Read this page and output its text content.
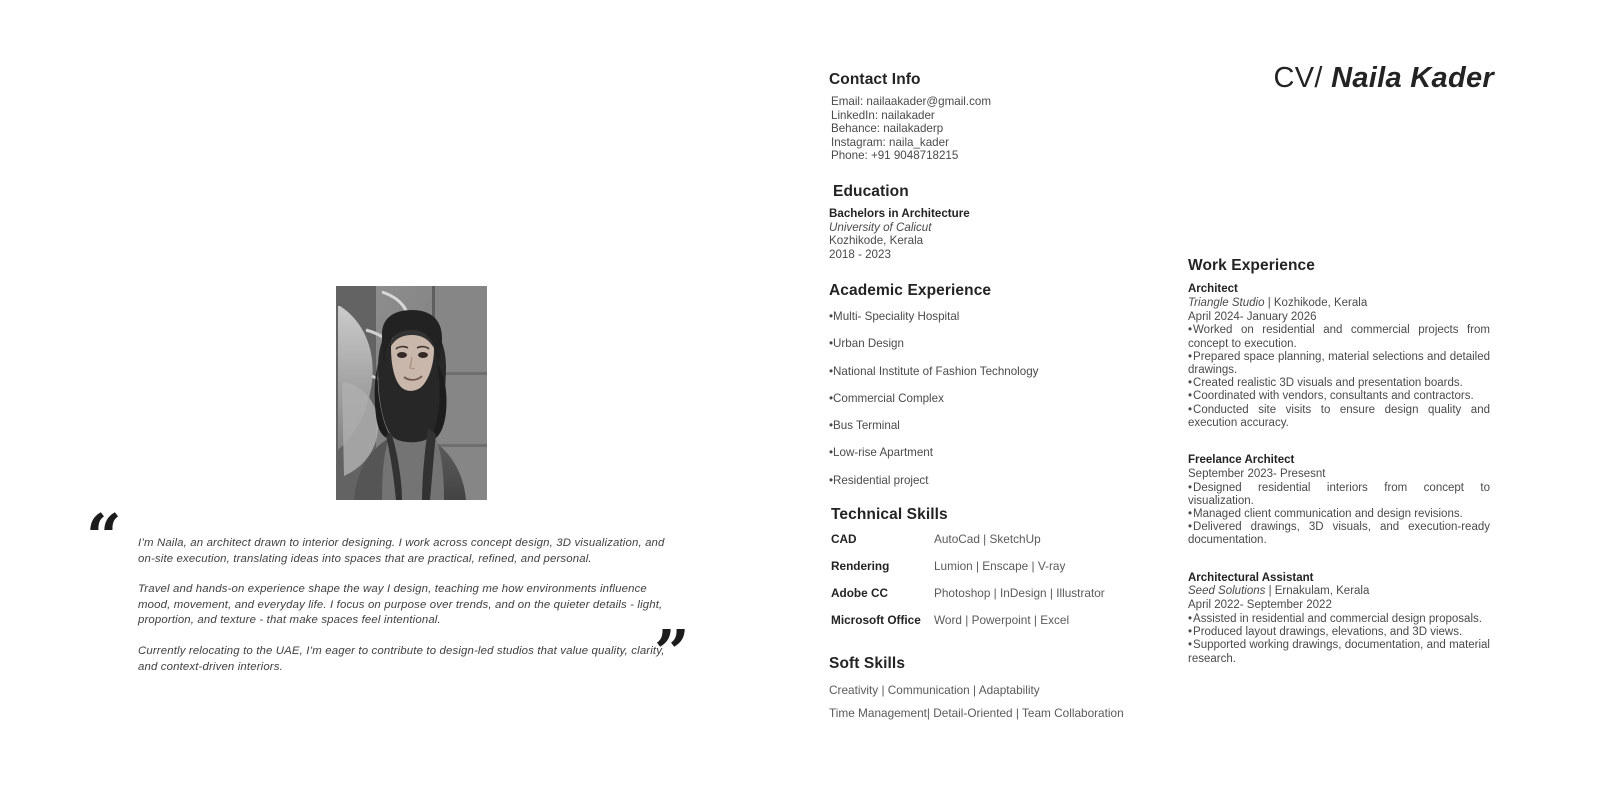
“ I’m Naila, an architect drawn to interior designing. I work across concept design, 3D visualization, and on-site execution, translating ideas into spaces that are practical, refined, and personal.

Travel and hands-on experience shape the way I design, teaching me how environments influence mood, movement, and everyday life. I focus on purpose over trends, and on the quieter details - light, proportion, and texture - that make spaces feel intentional.

Currently relocating to the UAE, I’m eager to contribute to design-led studios that value quality, clarity, and context-driven interiors.	”
Contact Info

Email: nailaakader@gmail.com

LinkedIn: nailakader

Behance: nailakaderp

Instagram: naila_kader

Phone: +91 9048718215

Education

Bachelors in Architecture

University of Calicut

Kozhikode, Kerala

2018 - 2023

Academic Experience

•Multi- Speciality Hospital

•Urban Design

•National Institute of Fashion Technology

•Commercial Complex

•Bus Terminal

•Low-rise Apartment

•Residential project

Technical Skills
CAD	AutoCad | SketchUp
Rendering	Lumion | Enscape | V-ray
Adobe CC	Photoshop | InDesign | Illustrator
Microsoft Office	Word | Powerpoint | Excel
Soft Skills

Creativity | Communication | Adaptability

Time Management| Detail-Oriented | Team Collaboration

Work Experience

Architect

Triangle Studio | Kozhikode, Kerala

April 2024- January 2026

• Worked on residential and commercial projects from concept to execution.
• Prepared space planning, material selections and detailed drawings.
• Created realistic 3D visuals and presentation boards.
• Coordinated with vendors, consultants and contractors.
• Conducted site visits to ensure design quality and execution accuracy.

Freelance Architect

September 2023- Presesnt

• Designed residential interiors from concept to visualization.
• Managed client communication and design revisions.
• Delivered drawings, 3D visuals, and execution-ready documentation.

Architectural Assistant

Seed Solutions | Ernakulam, Kerala

April 2022- September 2022

• Assisted in residential and commercial design proposals.
• Produced layout drawings, elevations, and 3D views.
• Supported working drawings, documentation, and material research.
CV/ Naila Kader
